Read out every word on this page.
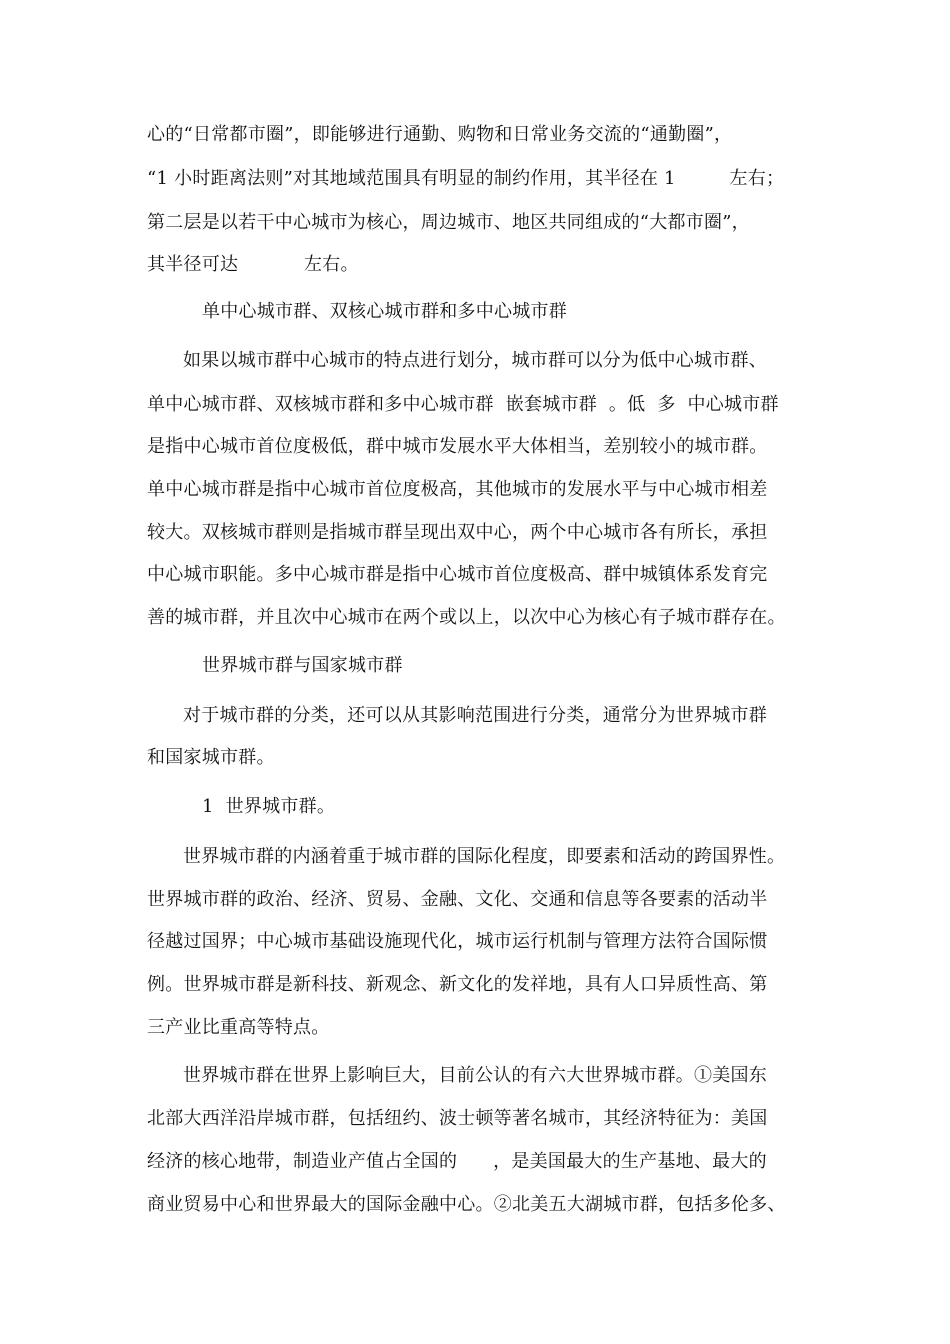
心的“日常都市圈”，即能够进行通勤、购物和日常业务交流的“通勤圈”，
“1 小时距离法则”对其地域范围具有明显的制约作用，其半径在 1         左右；
第二层是以若干中心城市为核心，周边城市、地区共同组成的“大都市圈”，
其半径可达           左右。
单中心城市群、双核心城市群和多中心城市群
如果以城市群中心城市的特点进行划分，城市群可以分为低中心城市群、
单中心城市群、双核城市群和多中心城市群  嵌套城市群  。低  多  中心城市群
是指中心城市首位度极低，群中城市发展水平大体相当，差别较小的城市群。
单中心城市群是指中心城市首位度极高，其他城市的发展水平与中心城市相差
较大。双核城市群则是指城市群呈现出双中心，两个中心城市各有所长，承担
中心城市职能。多中心城市群是指中心城市首位度极高、群中城镇体系发育完
善的城市群，并且次中心城市在两个或以上，以次中心为核心有子城市群存在。
世界城市群与国家城市群
对于城市群的分类，还可以从其影响范围进行分类，通常分为世界城市群
和国家城市群。
1  世界城市群。
世界城市群的内涵着重于城市群的国际化程度，即要素和活动的跨国界性。
世界城市群的政治、经济、贸易、金融、文化、交通和信息等各要素的活动半
径越过国界；中心城市基础设施现代化，城市运行机制与管理方法符合国际惯
例。世界城市群是新科技、新观念、新文化的发祥地，具有人口异质性高、第
三产业比重高等特点。
世界城市群在世界上影响巨大，目前公认的有六大世界城市群。①美国东
北部大西洋沿岸城市群，包括纽约、波士顿等著名城市，其经济特征为：美国
经济的核心地带，制造业产值占全国的      ，是美国最大的生产基地、最大的
商业贸易中心和世界最大的国际金融中心。②北美五大湖城市群，包括多伦多、
